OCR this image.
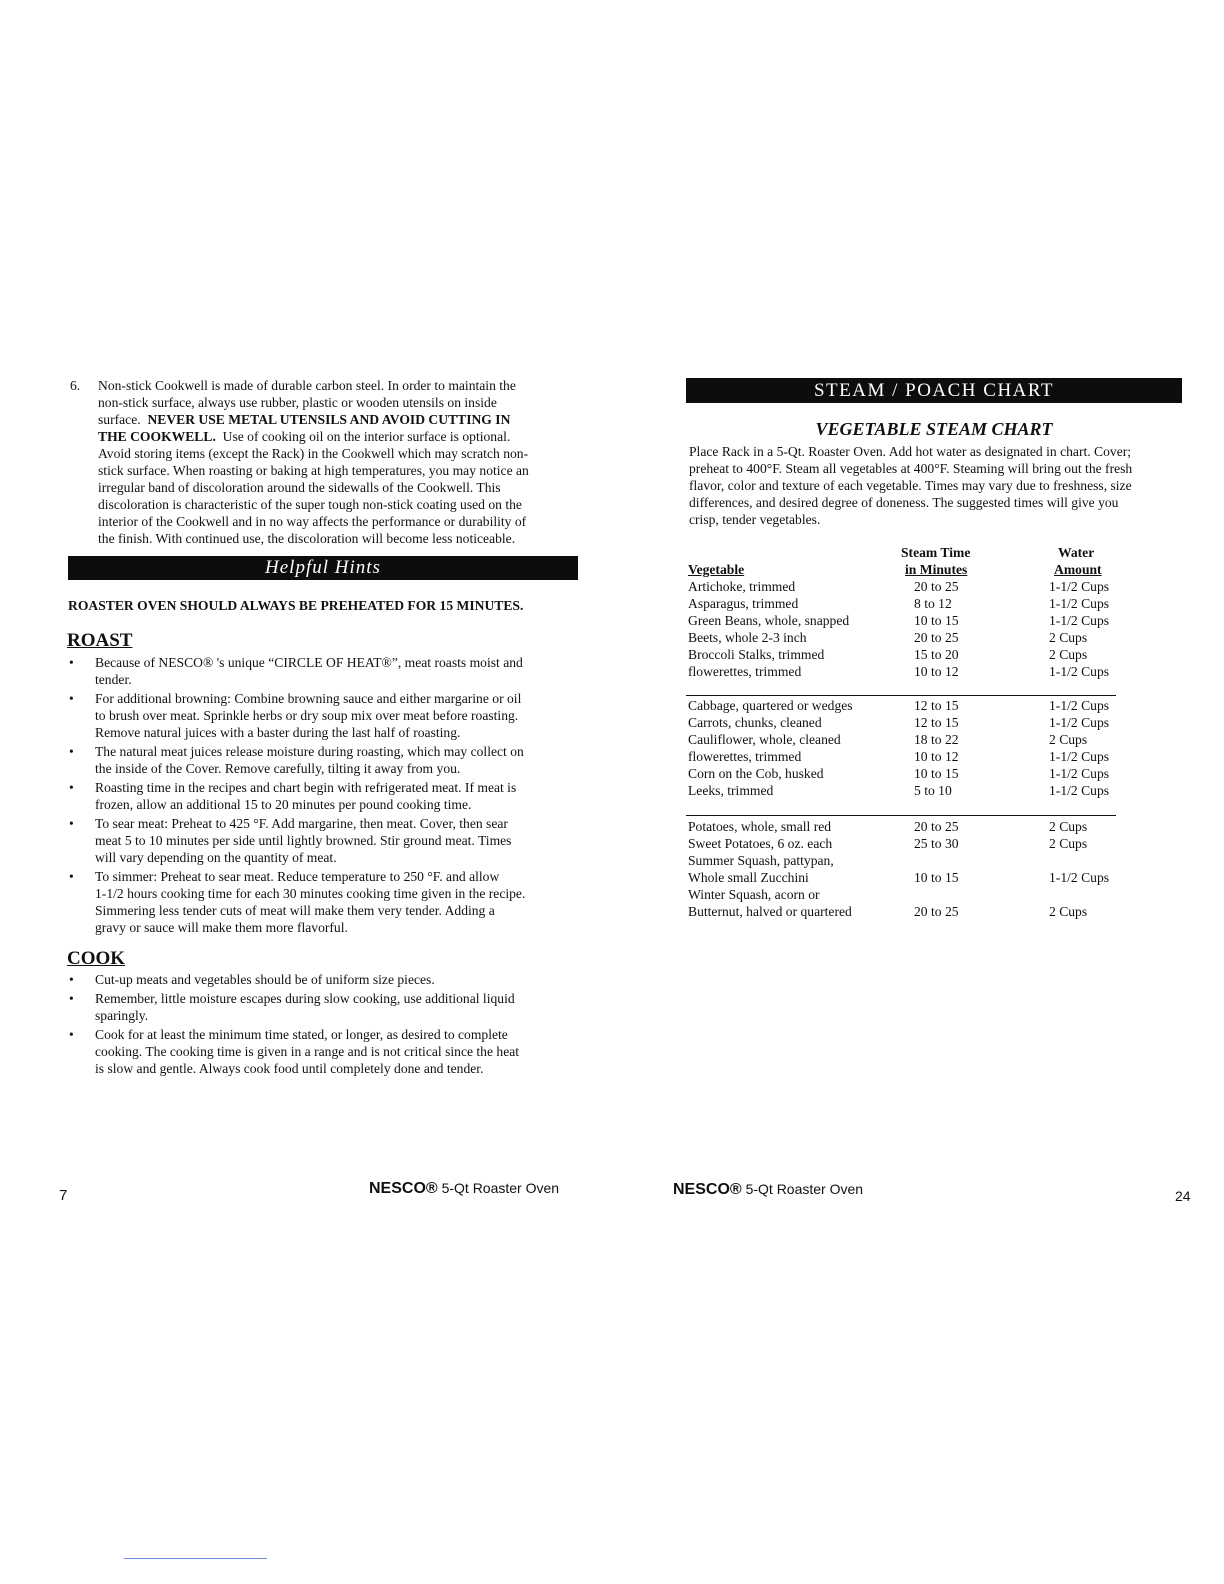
6. Non-stick Cookwell is made of durable carbon steel. In order to maintain the
non-stick surface, always use rubber, plastic or wooden utensils on inside
surface. NEVER USE METAL UTENSILS AND AVOID CUTTING IN
THE COOKWELL. Use of cooking oil on the interior surface is optional.
Avoid storing items (except the Rack) in the Cookwell which may scratch non-
stick surface. When roasting or baking at high temperatures, you may notice an
irregular band of discoloration around the sidewalls of the Cookwell. This
discoloration is characteristic of the super tough non-stick coating used on the
interior of the Cookwell and in no way affects the performance or durability of
the finish. With continued use, the discoloration will become less noticeable.
Helpful Hints
ROASTER OVEN SHOULD ALWAYS BE PREHEATED FOR 15 MINUTES.
ROAST
• Because of NESCO® 's unique “CIRCLE OF HEAT®”, meat roasts moist and
tender.
• For additional browning: Combine browning sauce and either margarine or oil
to brush over meat. Sprinkle herbs or dry soup mix over meat before roasting.
Remove natural juices with a baster during the last half of roasting.
• The natural meat juices release moisture during roasting, which may collect on
the inside of the Cover. Remove carefully, tilting it away from you.
• Roasting time in the recipes and chart begin with refrigerated meat. If meat is
frozen, allow an additional 15 to 20 minutes per pound cooking time.
• To sear meat: Preheat to 425 °F. Add margarine, then meat. Cover, then sear
meat 5 to 10 minutes per side until lightly browned. Stir ground meat. Times
will vary depending on the quantity of meat.
• To simmer: Preheat to sear meat. Reduce temperature to 250 °F. and allow
1-1/2 hours cooking time for each 30 minutes cooking time given in the recipe.
Simmering less tender cuts of meat will make them very tender. Adding a
gravy or sauce will make them more flavorful.
COOK
• Cut-up meats and vegetables should be of uniform size pieces.
• Remember, little moisture escapes during slow cooking, use additional liquid
sparingly.
• Cook for at least the minimum time stated, or longer, as desired to complete
cooking. The cooking time is given in a range and is not critical since the heat
is slow and gentle. Always cook food until completely done and tender.
7	NESCO® 5-Qt Roaster Oven
STEAM / POACH CHART
VEGETABLE STEAM CHART
Place Rack in a 5-Qt. Roaster Oven. Add hot water as designated in chart. Cover;
preheat to 400°F. Steam all vegetables at 400°F. Steaming will bring out the fresh
flavor, color and texture of each vegetable. Times may vary due to freshness, size
differences, and desired degree of doneness. The suggested times will give you
crisp, tender vegetables.
Steam Time	Water
Vegetable	in Minutes	Amount
Artichoke, trimmed	20 to 25	1-1/2 Cups
Asparagus, trimmed	8 to 12	1-1/2 Cups
Green Beans, whole, snapped	10 to 15	1-1/2 Cups
Beets, whole 2-3 inch	20 to 25	2 Cups
Broccoli Stalks, trimmed	15 to 20	2 Cups
flowerettes, trimmed	10 to 12	1-1/2 Cups
Cabbage, quartered or wedges	12 to 15	1-1/2 Cups
Carrots, chunks, cleaned	12 to 15	1-1/2 Cups
Cauliflower, whole, cleaned	18 to 22	2 Cups
flowerettes, trimmed	10 to 12	1-1/2 Cups
Corn on the Cob, husked	10 to 15	1-1/2 Cups
Leeks, trimmed	5 to 10	1-1/2 Cups
Potatoes, whole, small red	20 to 25	2 Cups
Sweet Potatoes, 6 oz. each	25 to 30	2 Cups
Summer Squash, pattypan,
Whole small Zucchini	10 to 15	1-1/2 Cups
Winter Squash, acorn or
Butternut, halved or quartered	20 to 25	2 Cups
24
NESCO® 5-Qt Roaster Oven
